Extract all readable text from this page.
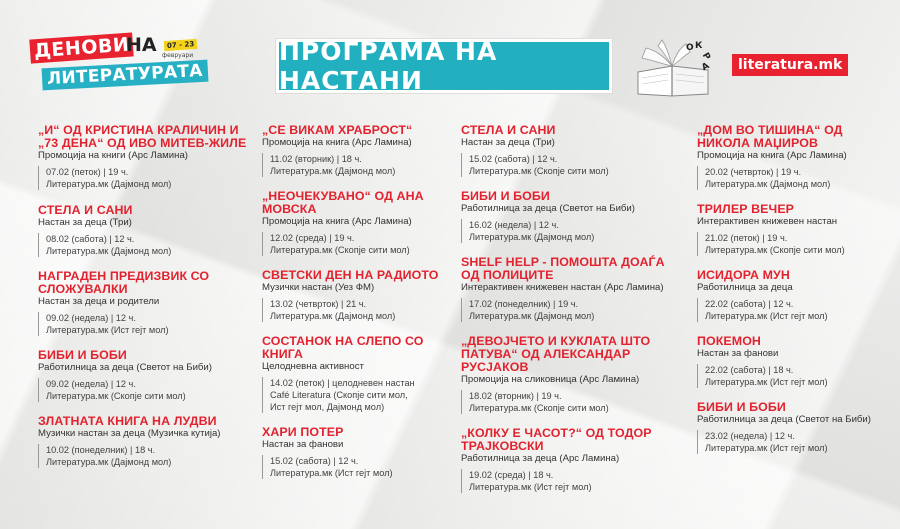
ДЕНОВИ
НА	07 - 23
февруари
ЛИТЕРАТУРАТА
ПРОГРАМА НА НАСТАНИ
О К
Р
А	literatura.mk
„И“ ОД КРИСТИНА КРАЛИЧИН И „73 ДЕНА“ ОД ИВО МИТЕВ-ЖИЛЕ
Промоција на книги (Арс Ламина)
07.02 (петок) | 19 ч.
Литература.мк (Дајмонд мол)
СТЕЛА И САНИ
Настан за деца (Три)
08.02 (сабота) | 12 ч.
Литература.мк (Дајмонд мол)
НАГРАДЕН ПРЕДИЗВИК СО СЛОЖУВАЛКИ
Настан за деца и родители
09.02 (недела) | 12 ч.
Литература.мк (Ист гејт мол)
БИБИ И БОБИ
Работилница за деца (Светот на Биби)
09.02 (недела) | 12 ч.
Литература.мк (Скопје сити мол)
ЗЛАТНАТА КНИГА НА ЛУДВИ
Музички настан за деца (Музичка кутија)
10.02 (понеделник) | 18 ч.
Литература.мк (Дајмонд мол)
„СЕ ВИКАМ ХРАБРОСТ“
Промоција на книга (Арс Ламина)
11.02 (вторник) | 18 ч.
Литература.мк (Дајмонд мол)
„НЕОЧЕКУВАНО“ ОД АНА МОВСКА
Промоција на книга (Арс Ламина)
12.02 (среда) | 19 ч.
Литература.мк (Скопје сити мол)
СВЕТСКИ ДЕН НА РАДИОТО
Музички настан (Уез ФМ)
13.02 (четврток) | 21 ч.
Литература.мк (Дајмонд мол)
СОСТАНОК НА СЛЕПО СО КНИГА
Целодневна активност
14.02 (петок) | целодневен настан
Café Literatura (Скопје сити мол,
Ист гејт мол, Дајмонд мол)
ХАРИ ПОТЕР
Настан за фанови
15.02 (сабота) | 12 ч.
Литература.мк (Ист гејт мол)
СТЕЛА И САНИ
Настан за деца (Три)
15.02 (сабота) | 12 ч.
Литература.мк (Скопје сити мол)
БИБИ И БОБИ
Работилница за деца (Светот на Биби)
16.02 (недела) | 12 ч.
Литература.мк (Дајмонд мол)
SHELF HELP - ПОМОШТА ДОАЃА ОД ПОЛИЦИТЕ
Интерактивен книжевен настан (Арс Ламина)
17.02 (понеделник) | 19 ч.
Литература.мк (Дајмонд мол)
„ДЕВОЈЧЕТО И КУКЛАТА ШТО ПАТУВА“ ОД АЛЕКСАНДАР РУСЈАКОВ
Промоција на сликовница (Арс Ламина)
18.02 (вторник) | 19 ч.
Литература.мк (Скопје сити мол)
„КОЛКУ Е ЧАСОТ?“ ОД ТОДОР ТРАЈКОВСКИ
Работилница за деца (Арс Ламина)
19.02 (среда) | 18 ч.
Литература.мк (Ист гејт мол)
„ДОМ ВО ТИШИНА“ ОД НИКОЛА МАЏИРОВ
Промоција на книга (Арс Ламина)
20.02 (четврток) | 19 ч.
Литература.мк (Дајмонд мол)
ТРИЛЕР ВЕЧЕР
Интерактивен книжевен настан
21.02 (петок) | 19 ч.
Литература.мк (Скопје сити мол)
ИСИДОРА МУН
Работилница за деца
22.02 (сабота) | 12 ч.
Литература.мк (Ист гејт мол)
ПОКЕМОН
Настан за фанови
22.02 (сабота) | 18 ч.
Литература.мк (Ист гејт мол)
БИБИ И БОБИ
Работилница за деца (Светот на Биби)
23.02 (недела) | 12 ч.
Литература.мк (Ист гејт мол)
